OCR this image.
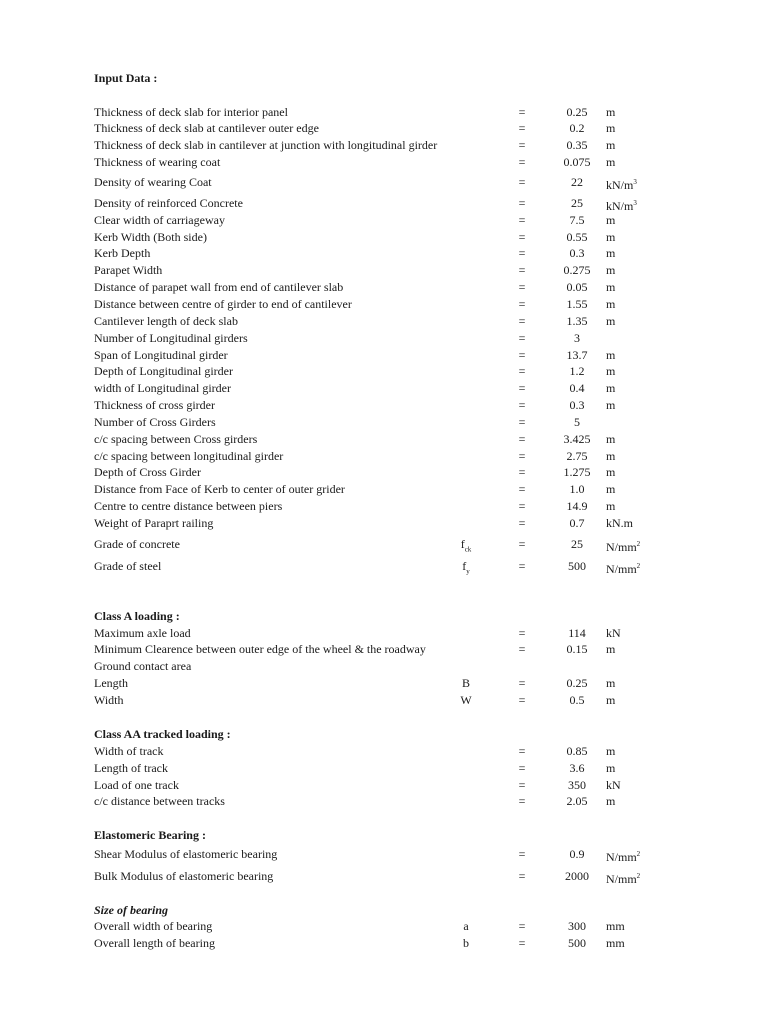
Input Data :
Thickness of deck slab for interior panel	=	0.25	m
Thickness of deck slab at cantilever outer edge	=	0.2	m
Thickness of deck slab in cantilever at junction with longitudinal girder	=	0.35	m
Thickness of wearing coat	=	0.075	m
Density of wearing Coat	=	22	$kN/m^3$
Density of reinforced Concrete	=	25	$kN/m^3$
Clear width of carriageway	=	7.5	m
Kerb Width (Both side)	=	0.55	m
Kerb Depth	=	0.3	m
Parapet Width	=	0.275	m
Distance of parapet wall from end of cantilever slab	=	0.05	m
Distance between centre of girder to end of cantilever	=	1.55	m
Cantilever length of deck slab	=	1.35	m
Number of Longitudinal girders	=	3
Span of Longitudinal girder	=	13.7	m
Depth of Longitudinal girder	=	1.2	m
width of Longitudinal girder	=	0.4	m
Thickness of cross girder	=	0.3	m
Number of Cross Girders	=	5
c/c spacing between Cross girders	=	3.425	m
c/c spacing between longitudinal girder	=	2.75	m
Depth of Cross Girder	=	1.275	m
Distance from Face of Kerb to center of outer grider	=	1.0	m
Centre to centre distance between piers	=	14.9	m
Weight of Paraprt railing	=	0.7	kN.m
Grade of concrete	$f_{ck}$	=	25	$N/mm^2$
Grade of steel	$f_y$	=	500	$N/mm^2$
Class A loading :
Maximum axle load	=	114	kN
Minimum Clearence between outer edge of the wheel & the roadway	=	0.15	m
Ground contact area
Length	B	=	0.25	m
Width	W	=	0.5	m
Class AA tracked loading :
Width of track	=	0.85	m
Length of track	=	3.6	m
Load of one track	=	350	kN
c/c distance between tracks	=	2.05	m
Elastomeric Bearing :
Shear Modulus of elastomeric bearing	=	0.9	$N/mm^2$
Bulk Modulus of elastomeric bearing	=	2000	$N/mm^2$
Size of bearing
Overall width of bearing	a	=	300	mm
Overall length of bearing	b	=	500	mm
